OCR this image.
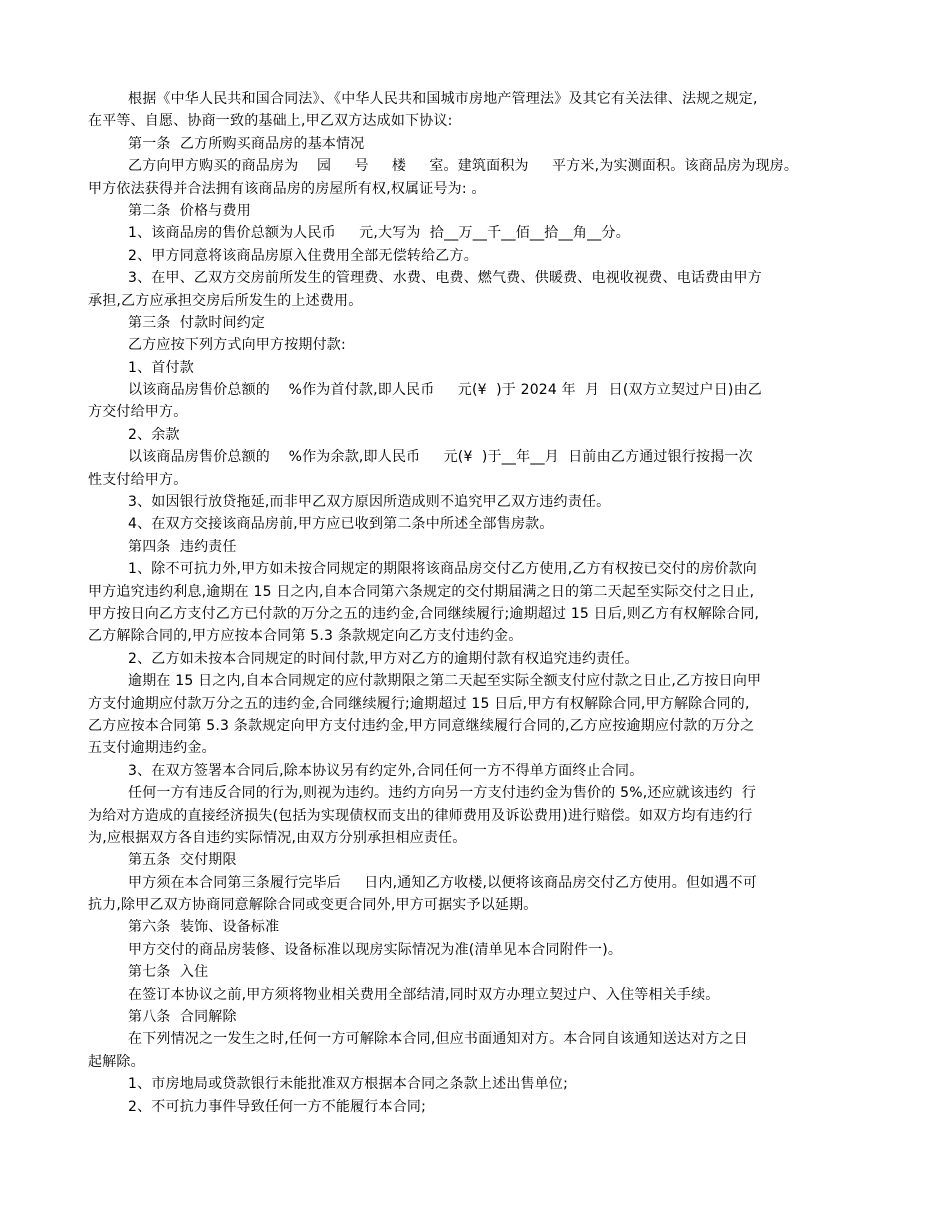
根据《中华人民共和国合同法》、《中华人民共和国城市房地产管理法》及其它有关法律、法规之规定,
在平等、自愿、协商一致的基础上,甲乙双方达成如下协议:
第一条  乙方所购买商品房的基本情况
乙方向甲方购买的商品房为    园     号     楼     室。建筑面积为     平方米,为实测面积。该商品房为现房。
甲方依法获得并合法拥有该商品房的房屋所有权,权属证号为: 。
第二条  价格与费用
1、该商品房的售价总额为人民币     元,大写为  拾__万__千__佰__拾__角__分。
2、甲方同意将该商品房原入住费用全部无偿转给乙方。
3、在甲、乙双方交房前所发生的管理费、水费、电费、燃气费、供暖费、电视收视费、电话费由甲方
承担,乙方应承担交房后所发生的上述费用。
第三条  付款时间约定
乙方应按下列方式向甲方按期付款:
1、首付款
以该商品房售价总额的    %作为首付款,即人民币     元(¥  )于 2024 年  月  日(双方立契过户日)由乙
方交付给甲方。
2、余款
以该商品房售价总额的    %作为余款,即人民币     元(¥  )于__年__月  日前由乙方通过银行按揭一次
性支付给甲方。
3、如因银行放贷拖延,而非甲乙双方原因所造成则不追究甲乙双方违约责任。
4、在双方交接该商品房前,甲方应已收到第二条中所述全部售房款。
第四条  违约责任
1、除不可抗力外,甲方如未按合同规定的期限将该商品房交付乙方使用,乙方有权按已交付的房价款向
甲方追究违约利息,逾期在 15 日之内,自本合同第六条规定的交付期届满之日的第二天起至实际交付之日止,
甲方按日向乙方支付乙方已付款的万分之五的违约金,合同继续履行;逾期超过 15 日后,则乙方有权解除合同,
乙方解除合同的,甲方应按本合同第 5.3 条款规定向乙方支付违约金。
2、乙方如未按本合同规定的时间付款,甲方对乙方的逾期付款有权追究违约责任。
逾期在 15 日之内,自本合同规定的应付款期限之第二天起至实际全额支付应付款之日止,乙方按日向甲
方支付逾期应付款万分之五的违约金,合同继续履行;逾期超过 15 日后,甲方有权解除合同,甲方解除合同的,
乙方应按本合同第 5.3 条款规定向甲方支付违约金,甲方同意继续履行合同的,乙方应按逾期应付款的万分之
五支付逾期违约金。
3、在双方签署本合同后,除本协议另有约定外,合同任何一方不得单方面终止合同。
任何一方有违反合同的行为,则视为违约。违约方向另一方支付违约金为售价的 5%,还应就该违约  行
为给对方造成的直接经济损失(包括为实现债权而支出的律师费用及诉讼费用)进行赔偿。如双方均有违约行
为,应根据双方各自违约实际情况,由双方分别承担相应责任。
第五条  交付期限
甲方须在本合同第三条履行完毕后     日内,通知乙方收楼,以便将该商品房交付乙方使用。但如遇不可
抗力,除甲乙双方协商同意解除合同或变更合同外,甲方可据实予以延期。
第六条  装饰、设备标准
甲方交付的商品房装修、设备标准以现房实际情况为准(清单见本合同附件一)。
第七条  入住
在签订本协议之前,甲方须将物业相关费用全部结清,同时双方办理立契过户、入住等相关手续。
第八条  合同解除
在下列情况之一发生之时,任何一方可解除本合同,但应书面通知对方。本合同自该通知送达对方之日
起解除。
1、市房地局或贷款银行未能批准双方根据本合同之条款上述出售单位;
2、不可抗力事件导致任何一方不能履行本合同;
